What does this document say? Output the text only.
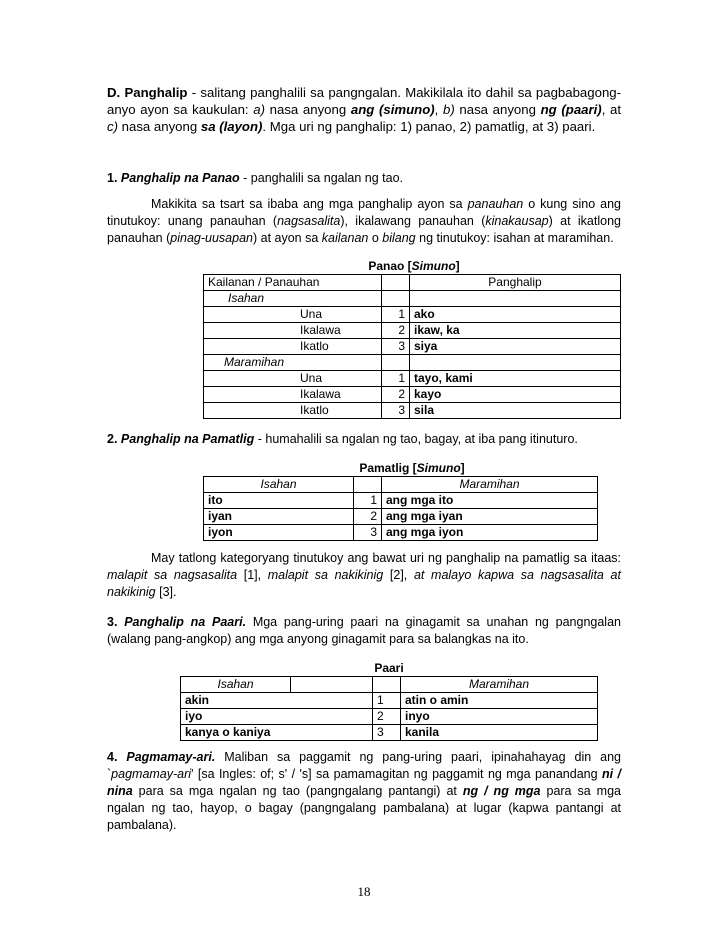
D. Panghalip - salitang panghalili sa pangngalan. Makikilala ito dahil sa pagbabagong-anyo ayon sa kaukulan: a) nasa anyong ang (simuno), b) nasa anyong ng (paari), at c) nasa anyong sa (layon). Mga uri ng panghalip: 1) panao, 2) pamatlig, at 3) paari.
1. Panghalip na Panao - panghalili sa ngalan ng tao.
Makikita sa tsart sa ibaba ang mga panghalip ayon sa panauhan o kung sino ang tinutukoy: unang panauhan (nagsasalita), ikalawang panauhan (kinakausap) at ikatlong panauhan (pinag-uusapan) at ayon sa kailanan o bilang ng tinutukoy: isahan at maramihan.
Panao [Simuno]
Kailanan / Panauhan		Panghalip
Isahan		
Una	1	ako
Ikalawa	2	ikaw, ka
Ikatlo	3	siya
Maramihan		
Una	1	tayo, kami
Ikalawa	2	kayo
Ikatlo	3	sila
2. Panghalip na Pamatlig - humahalili sa ngalan ng tao, bagay, at iba pang itinuturo.
Pamatlig [Simuno]
Isahan		Maramihan
ito	1	ang mga ito
iyan	2	ang mga iyan
iyon	3	ang mga iyon
May tatlong kategoryang tinutukoy ang bawat uri ng panghalip na pamatlig sa itaas: malapit sa nagsasalita [1], malapit sa nakikinig [2], at malayo kapwa sa nagsasalita at nakikinig [3].
3. Panghalip na Paari. Mga pang-uring paari na ginagamit sa unahan ng pangngalan (walang pang-angkop) ang mga anyong ginagamit para sa balangkas na ito.
Paari
Isahan			Maramihan
akin		1	atin o amin
iyo		2	inyo
kanya o kaniya		3	kanila
4. Pagmamay-ari. Maliban sa paggamit ng pang-uring paari, ipinahahayag din ang `pagmamay-ari' [sa Ingles: of; s' / 's] sa pamamagitan ng paggamit ng mga panandang ni / nina para sa mga ngalan ng tao (pangngalang pantangi) at ng / ng mga para sa mga ngalan ng tao, hayop, o bagay (pangngalang pambalana) at lugar (kapwa pantangi at pambalana).
18
